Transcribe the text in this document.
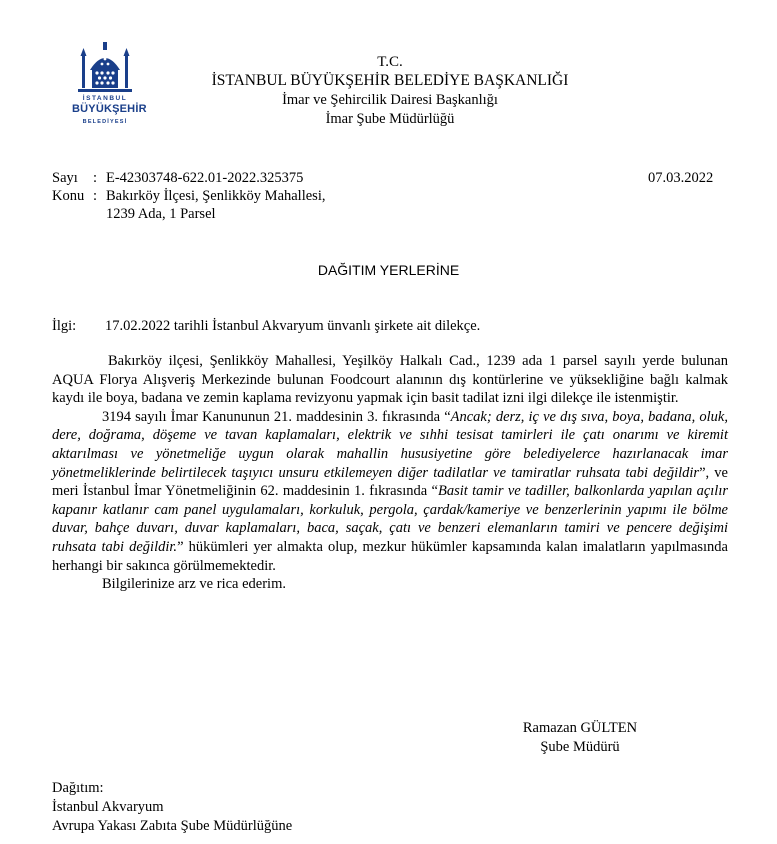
İSTANBUL
BÜYÜKŞEHİR
BELEDİYESİ
T.C.
İSTANBUL BÜYÜKŞEHİR BELEDİYE BAŞKANLIĞI
İmar ve Şehircilik Dairesi Başkanlığı
İmar Şube Müdürlüğü
Sayı : E-42303748-622.01-2022.325375	07.03.2022
Konu : Bakırköy İlçesi, Şenlikköy Mahallesi,
1239 Ada, 1 Parsel
DAĞITIM YERLERİNE
İlgi: 17.02.2022 tarihli İstanbul Akvaryum ünvanlı şirkete ait dilekçe.

Bakırköy ilçesi, Şenlikköy Mahallesi, Yeşilköy Halkalı Cad., 1239 ada 1 parsel sayılı yerde bulunan AQUA Florya Alışveriş Merkezinde bulunan Foodcourt alanının dış kontürlerine ve yüksekliğine bağlı kalmak kaydı ile boya, badana ve zemin kaplama revizyonu yapmak için basit tadilat izni ilgi dilekçe ile istenmiştir.

3194 sayılı İmar Kanununun 21. maddesinin 3. fıkrasında “Ancak; derz, iç ve dış sıva, boya, badana, oluk, dere, doğrama, döşeme ve tavan kaplamaları, elektrik ve sıhhi tesisat tamirleri ile çatı onarımı ve kiremit aktarılması ve yönetmeliğe uygun olarak mahallin hususiyetine göre belediyelerce hazırlanacak imar yönetmeliklerinde belirtilecek taşıyıcı unsuru etkilemeyen diğer tadilatlar ve tamiratlar ruhsata tabi değildir”, ve meri İstanbul İmar Yönetmeliğinin 62. maddesinin 1. fıkrasında “Basit tamir ve tadiller, balkonlarda yapılan açılır kapanır katlanır cam panel uygulamaları, korkuluk, pergola, çardak/kameriye ve benzerlerinin yapımı ile bölme duvar, bahçe duvarı, duvar kaplamaları, baca, saçak, çatı ve benzeri elemanların tamiri ve pencere değişimi ruhsata tabi değildir.” hükümleri yer almakta olup, mezkur hükümler kapsamında kalan imalatların yapılmasında herhangi bir sakınca görülmemektedir.

Bilgilerinize arz ve rica ederim.

Ramazan GÜLTEN
Şube Müdürü
Dağıtım:
İstanbul Akvaryum
Avrupa Yakası Zabıta Şube Müdürlüğüne
